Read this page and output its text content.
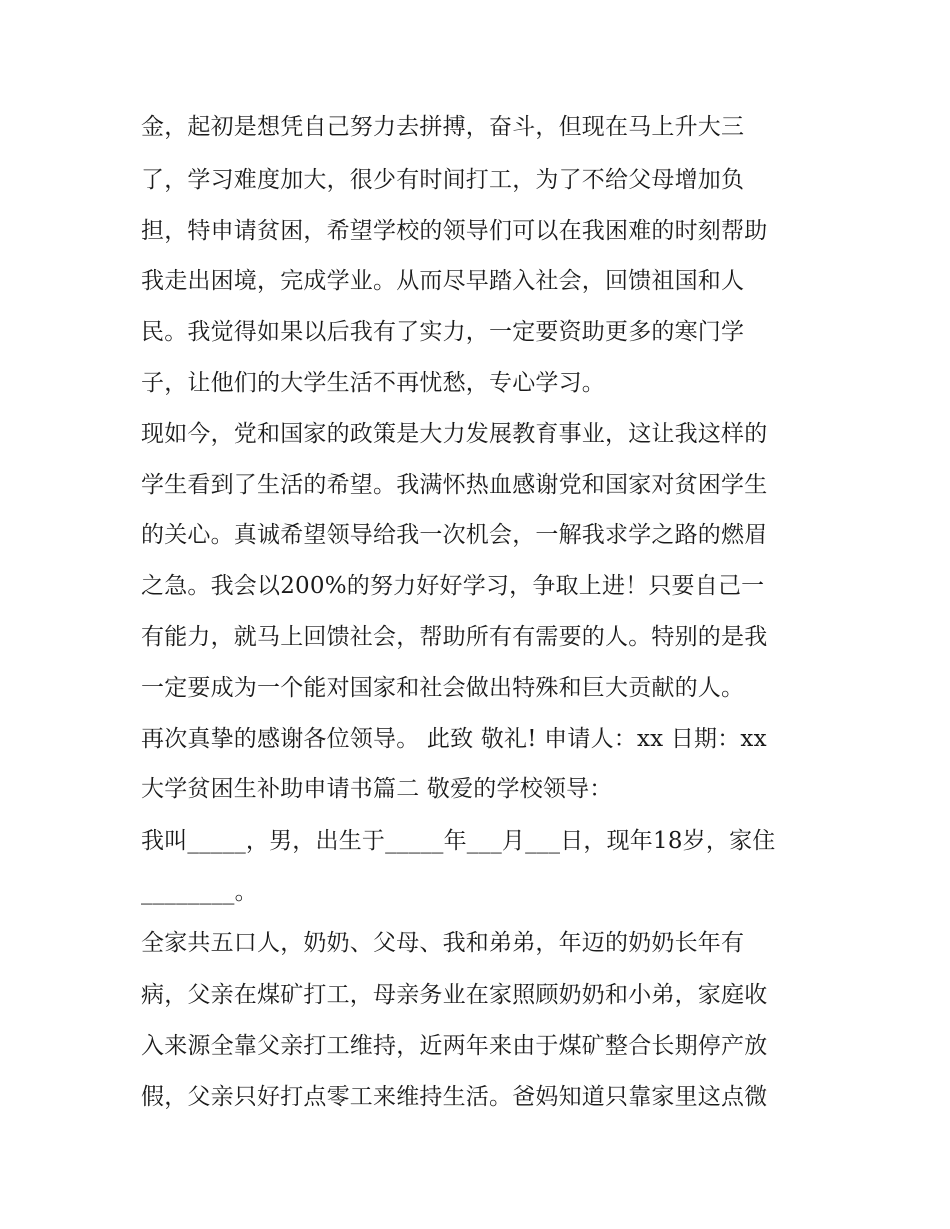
金，起初是想凭自己努力去拼搏，奋斗，但现在马上升大三
了，学习难度加大，很少有时间打工，为了不给父母增加负
担，特申请贫困，希望学校的领导们可以在我困难的时刻帮助
我走出困境，完成学业。从而尽早踏入社会，回馈祖国和人
民。我觉得如果以后我有了实力，一定要资助更多的寒门学
子，让他们的大学生活不再忧愁，专心学习。
现如今，党和国家的政策是大力发展教育事业，这让我这样的
学生看到了生活的希望。我满怀热血感谢党和国家对贫困学生
的关心。真诚希望领导给我一次机会，一解我求学之路的燃眉
之急。我会以200%的努力好好学习，争取上进！只要自己一
有能力，就马上回馈社会，帮助所有有需要的人。特别的是我
一定要成为一个能对国家和社会做出特殊和巨大贡献的人。
再次真挚的感谢各位领导。 此致 敬礼! 申请人：xx 日期：xx
大学贫困生补助申请书篇二 敬爱的学校领导：
我叫_____，男，出生于_____年___月___日，现年18岁，家住
________。
全家共五口人，奶奶、父母、我和弟弟，年迈的奶奶长年有
病，父亲在煤矿打工，母亲务业在家照顾奶奶和小弟，家庭收
入来源全靠父亲打工维持，近两年来由于煤矿整合长期停产放
假，父亲只好打点零工来维持生活。爸妈知道只靠家里这点微
